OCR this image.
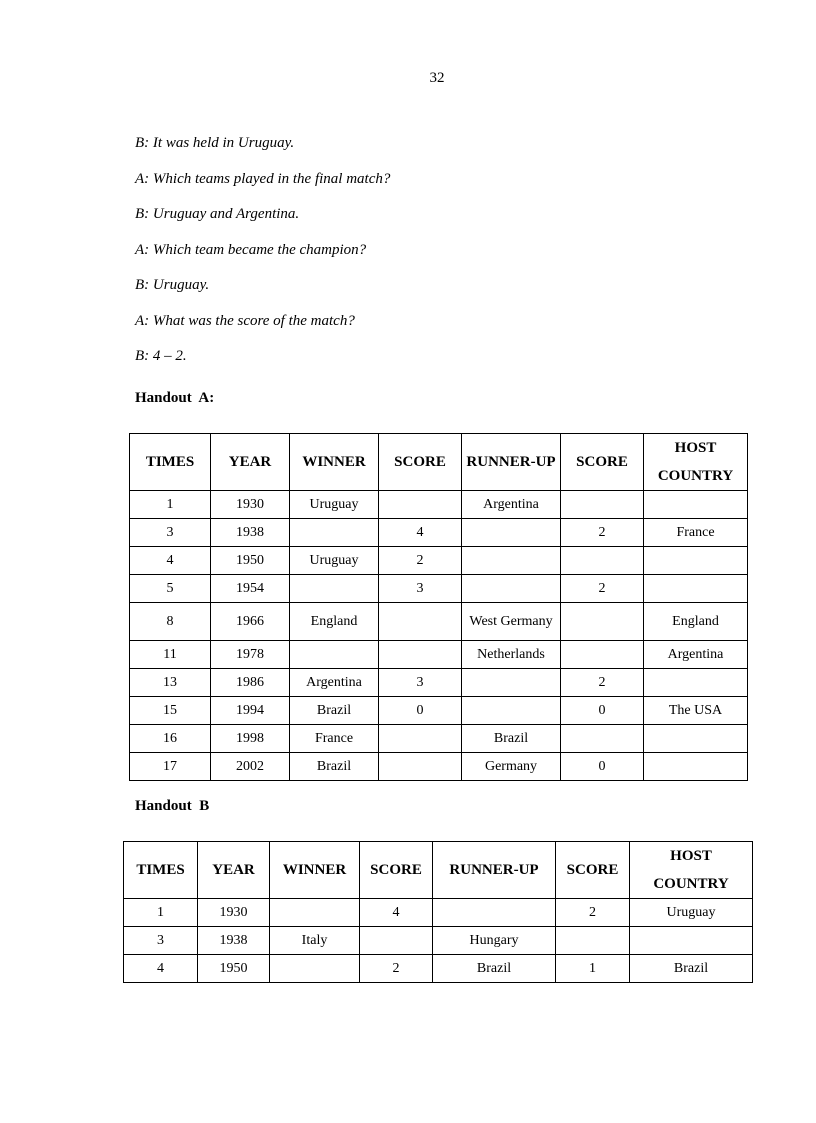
32
B: It was held in Uruguay.
A: Which teams played in the final match?
B: Uruguay and Argentina.
A: Which team became the champion?
B: Uruguay.
A: What was the score of the match?
B: 4 – 2.
Handout  A:
TIMES	YEAR	WINNER	SCORE	RUNNER-UP	SCORE	HOST COUNTRY
1	1930	Uruguay		Argentina		
3	1938		4		2	France
4	1950	Uruguay	2			
5	1954		3		2	
8	1966	England		West Germany		England
11	1978			Netherlands		Argentina
13	1986	Argentina	3		2	
15	1994	Brazil	0		0	The USA
16	1998	France		Brazil		
17	2002	Brazil		Germany	0	
Handout  B
TIMES	YEAR	WINNER	SCORE	RUNNER-UP	SCORE	HOST COUNTRY
1	1930		4		2	Uruguay
3	1938	Italy		Hungary		
4	1950		2	Brazil	1	Brazil
